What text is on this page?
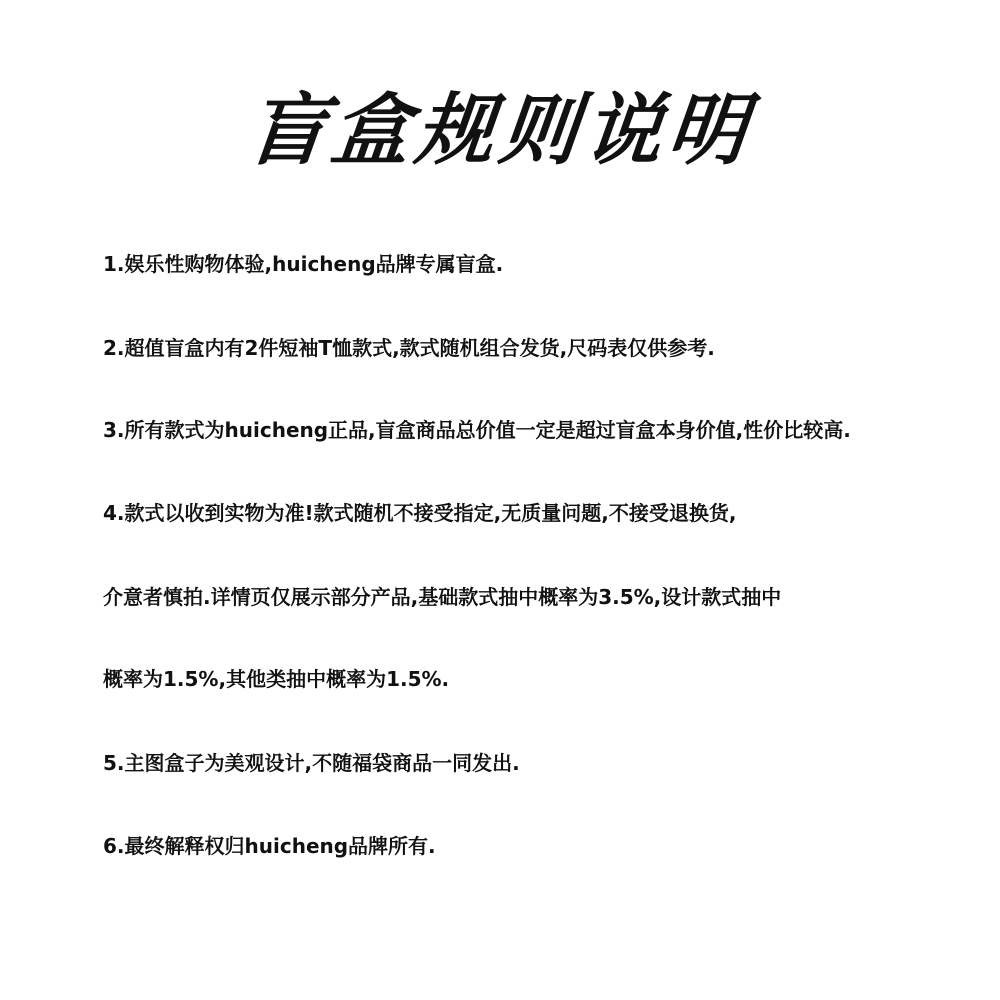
盲盒规则说明
1.娱乐性购物体验,huicheng品牌专属盲盒.
2.超值盲盒内有2件短袖T恤款式,款式随机组合发货,尺码表仅供参考.
3.所有款式为huicheng正品,盲盒商品总价值一定是超过盲盒本身价值,性价比较高.
4.款式以收到实物为准!款式随机不接受指定,无质量问题,不接受退换货,
介意者慎拍.详情页仅展示部分产品,基础款式抽中概率为3.5%,设计款式抽中
概率为1.5%,其他类抽中概率为1.5%.
5.主图盒子为美观设计,不随福袋商品一同发出.
6.最终解释权归huicheng品牌所有.
